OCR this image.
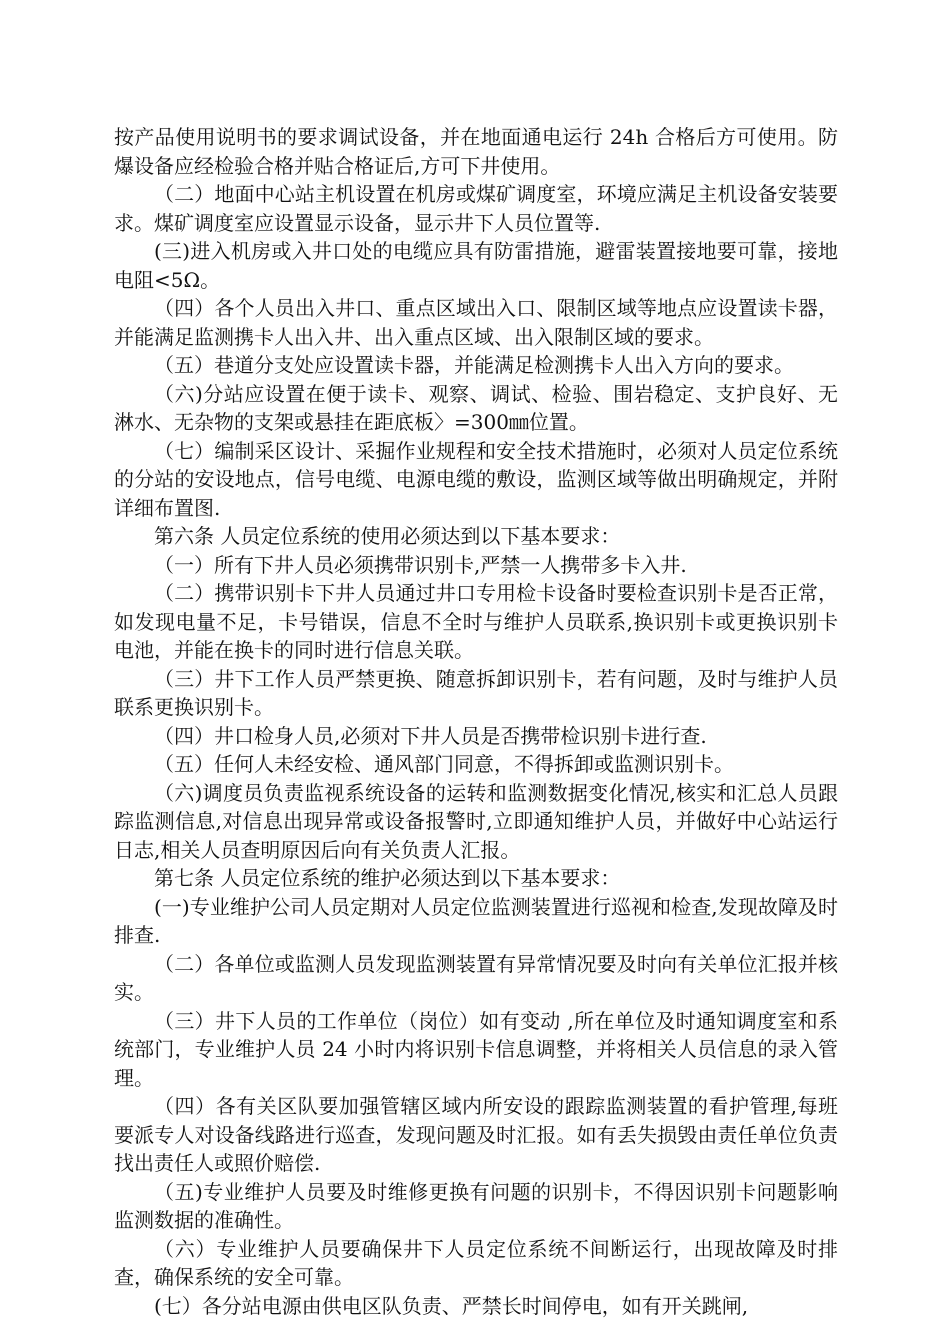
按产品使用说明书的要求调试设备，并在地面通电运行 24h 合格后方可使用。防爆设备应经检验合格并贴合格证后,方可下井使用。

（二）地面中心站主机设置在机房或煤矿调度室，环境应满足主机设备安装要求。煤矿调度室应设置显示设备，显示井下人员位置等.

(三)进入机房或入井口处的电缆应具有防雷措施，避雷装置接地要可靠，接地电阻<5Ω。

（四）各个人员出入井口、重点区域出入口、限制区域等地点应设置读卡器，并能满足监测携卡人出入井、出入重点区域、出入限制区域的要求。

（五）巷道分支处应设置读卡器，并能满足检测携卡人出入方向的要求。

（六)分站应设置在便于读卡、观察、调试、检验、围岩稳定、支护良好、无淋水、无杂物的支架或悬挂在距底板〉=300㎜位置。

（七）编制采区设计、采掘作业规程和安全技术措施时，必须对人员定位系统的分站的安设地点，信号电缆、电源电缆的敷设，监测区域等做出明确规定，并附详细布置图.

第六条 人员定位系统的使用必须达到以下基本要求：

（一）所有下井人员必须携带识别卡,严禁一人携带多卡入井.

（二）携带识别卡下井人员通过井口专用检卡设备时要检查识别卡是否正常，如发现电量不足，卡号错误，信息不全时与维护人员联系,换识别卡或更换识别卡电池，并能在换卡的同时进行信息关联。

（三）井下工作人员严禁更换、随意拆卸识别卡，若有问题，及时与维护人员联系更换识别卡。

（四）井口检身人员,必须对下井人员是否携带检识别卡进行查.

（五）任何人未经安检、通风部门同意，不得拆卸或监测识别卡。

（六)调度员负责监视系统设备的运转和监测数据变化情况,核实和汇总人员跟踪监测信息,对信息出现异常或设备报警时,立即通知维护人员，并做好中心站运行日志,相关人员查明原因后向有关负责人汇报。

第七条 人员定位系统的维护必须达到以下基本要求：

(一)专业维护公司人员定期对人员定位监测装置进行巡视和检查,发现故障及时排查.

（二）各单位或监测人员发现监测装置有异常情况要及时向有关单位汇报并核实。

（三）井下人员的工作单位（岗位）如有变动 ,所在单位及时通知调度室和系统部门，专业维护人员 24 小时内将识别卡信息调整，并将相关人员信息的录入管理。

（四）各有关区队要加强管辖区域内所安设的跟踪监测装置的看护管理,每班要派专人对设备线路进行巡查，发现问题及时汇报。如有丢失损毁由责任单位负责找出责任人或照价赔偿.

（五)专业维护人员要及时维修更换有问题的识别卡，不得因识别卡问题影响监测数据的准确性。

（六）专业维护人员要确保井下人员定位系统不间断运行，出现故障及时排查，确保系统的安全可靠。

(七）各分站电源由供电区队负责、严禁长时间停电，如有开关跳闸,
